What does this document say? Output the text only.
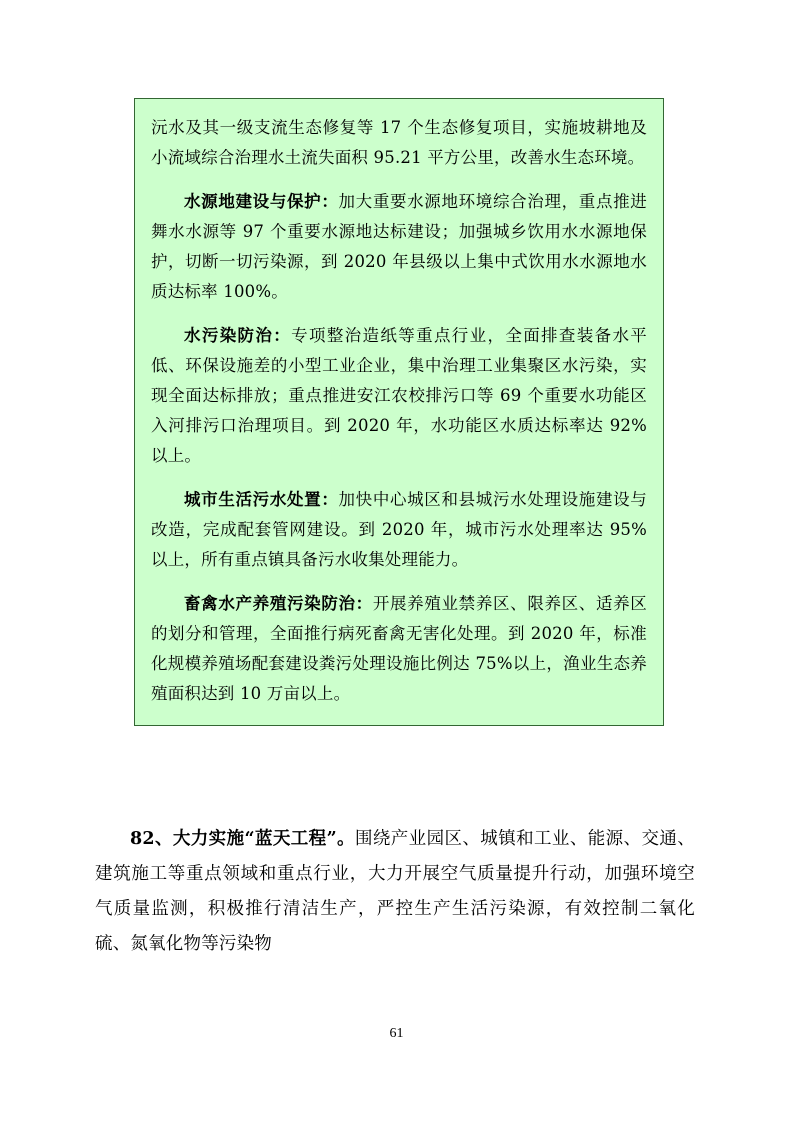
沅水及其一级支流生态修复等 17 个生态修复项目，实施坡耕地及小流域综合治理水土流失面积 95.21 平方公里，改善水生态环境。

水源地建设与保护：加大重要水源地环境综合治理，重点推进舞水水源等 97 个重要水源地达标建设；加强城乡饮用水水源地保护，切断一切污染源，到 2020 年县级以上集中式饮用水水源地水质达标率 100%。

水污染防治：专项整治造纸等重点行业，全面排查装备水平低、环保设施差的小型工业企业，集中治理工业集聚区水污染，实现全面达标排放；重点推进安江农校排污口等 69 个重要水功能区入河排污口治理项目。到 2020 年，水功能区水质达标率达 92%以上。

城市生活污水处置：加快中心城区和县城污水处理设施建设与改造，完成配套管网建设。到 2020 年，城市污水处理率达 95%以上，所有重点镇具备污水收集处理能力。

畜禽水产养殖污染防治：开展养殖业禁养区、限养区、适养区的划分和管理，全面推行病死畜禽无害化处理。到 2020 年，标准化规模养殖场配套建设粪污处理设施比例达 75%以上，渔业生态养殖面积达到 10 万亩以上。

82、大力实施“蓝天工程”。围绕产业园区、城镇和工业、能源、交通、建筑施工等重点领域和重点行业，大力开展空气质量提升行动，加强环境空气质量监测，积极推行清洁生产，严控生产生活污染源，有效控制二氧化硫、氮氧化物等污染物

61
